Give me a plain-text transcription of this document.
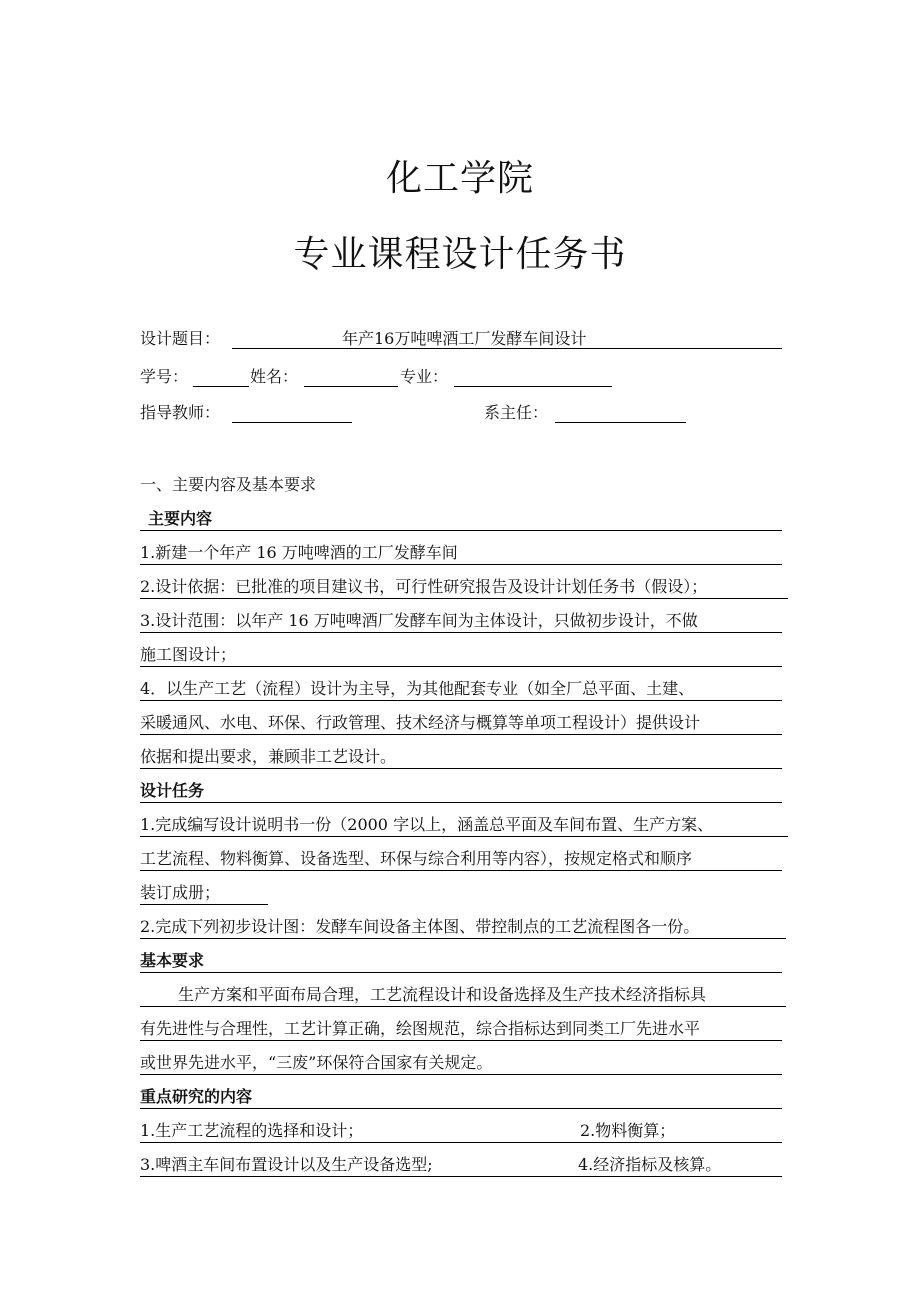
化工学院
专业课程设计任务书
设计题目：	年产16万吨啤酒工厂发酵车间设计
学号：	姓名：	专业：
指导教师：	系主任：
一、主要内容及基本要求
主要内容
1.新建一个年产 16 万吨啤酒的工厂发酵车间
2.设计依据：已批准的项目建议书，可行性研究报告及设计计划任务书（假设）；
3.设计范围：以年产 16 万吨啤酒厂发酵车间为主体设计，只做初步设计，不做
施工图设计；
4．以生产工艺（流程）设计为主导，为其他配套专业（如全厂总平面、土建、
采暖通风、水电、环保、行政管理、技术经济与概算等单项工程设计）提供设计
依据和提出要求，兼顾非工艺设计。
设计任务
1.完成编写设计说明书一份（2000 字以上，涵盖总平面及车间布置、生产方案、
工艺流程、物料衡算、设备选型、环保与综合利用等内容），按规定格式和顺序
装订成册；
2.完成下列初步设计图：发酵车间设备主体图、带控制点的工艺流程图各一份。
基本要求
生产方案和平面布局合理，工艺流程设计和设备选择及生产技术经济指标具
有先进性与合理性，工艺计算正确，绘图规范，综合指标达到同类工厂先进水平
或世界先进水平，“三废”环保符合国家有关规定。
重点研究的内容
1.生产工艺流程的选择和设计；	2.物料衡算；
3.啤酒主车间布置设计以及生产设备选型;	4.经济指标及核算。
